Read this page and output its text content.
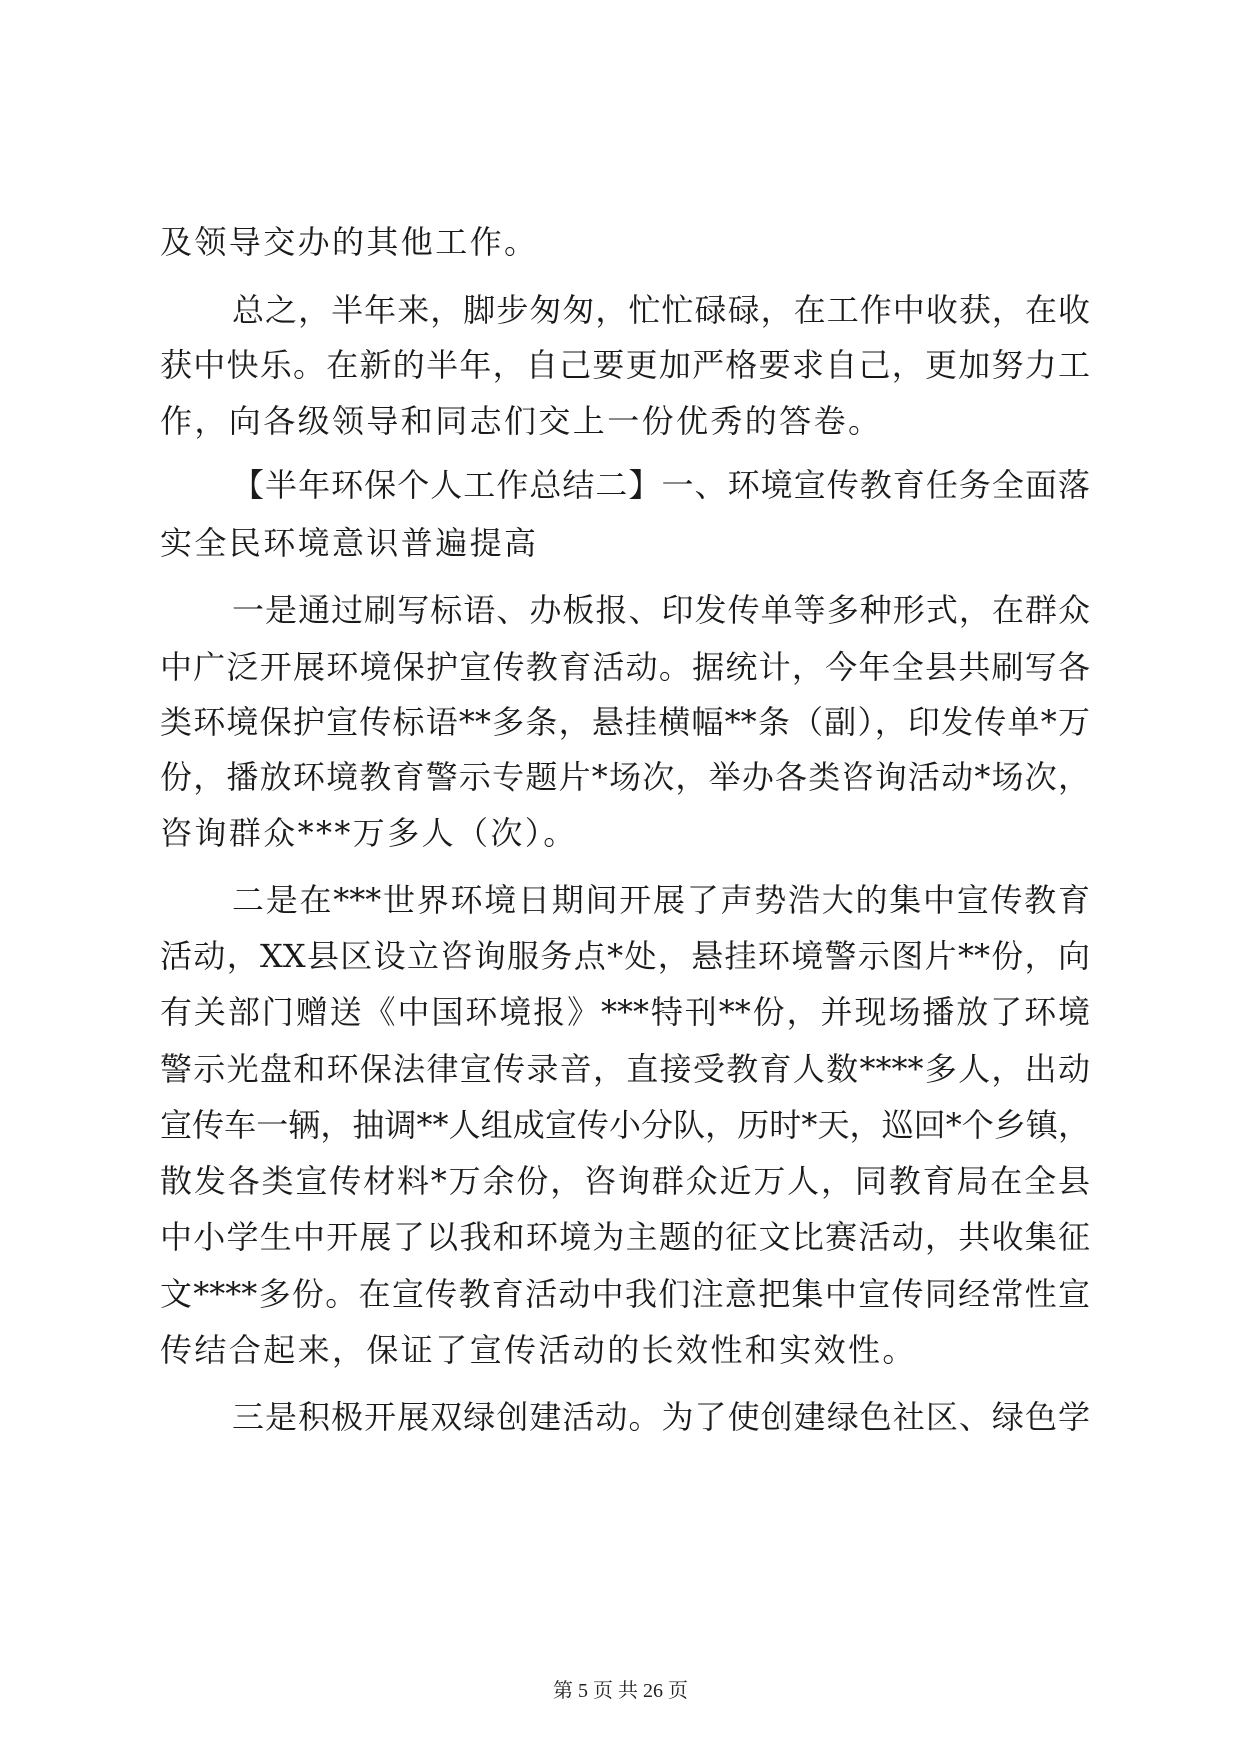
及领导交办的其他工作。
总之，半年来，脚步匆匆，忙忙碌碌，在工作中收获，在收
获中快乐。在新的半年，自己要更加严格要求自己，更加努力工
作，向各级领导和同志们交上一份优秀的答卷。
【半年环保个人工作总结二】一、环境宣传教育任务全面落
实全民环境意识普遍提高
一是通过刷写标语、办板报、印发传单等多种形式，在群众
中广泛开展环境保护宣传教育活动。据统计，今年全县共刷写各
类环境保护宣传标语**多条，悬挂横幅**条（副），印发传单*万
份，播放环境教育警示专题片*场次，举办各类咨询活动*场次，
咨询群众***万多人（次）。
二是在***世界环境日期间开展了声势浩大的集中宣传教育
活动，XX县区设立咨询服务点*处，悬挂环境警示图片**份，向
有关部门赠送《中国环境报》***特刊**份，并现场播放了环境
警示光盘和环保法律宣传录音，直接受教育人数****多人，出动
宣传车一辆，抽调**人组成宣传小分队，历时*天，巡回*个乡镇，
散发各类宣传材料*万余份，咨询群众近万人，同教育局在全县
中小学生中开展了以我和环境为主题的征文比赛活动，共收集征
文****多份。在宣传教育活动中我们注意把集中宣传同经常性宣
传结合起来，保证了宣传活动的长效性和实效性。
三是积极开展双绿创建活动。为了使创建绿色社区、绿色学
第 5 页 共 26 页
